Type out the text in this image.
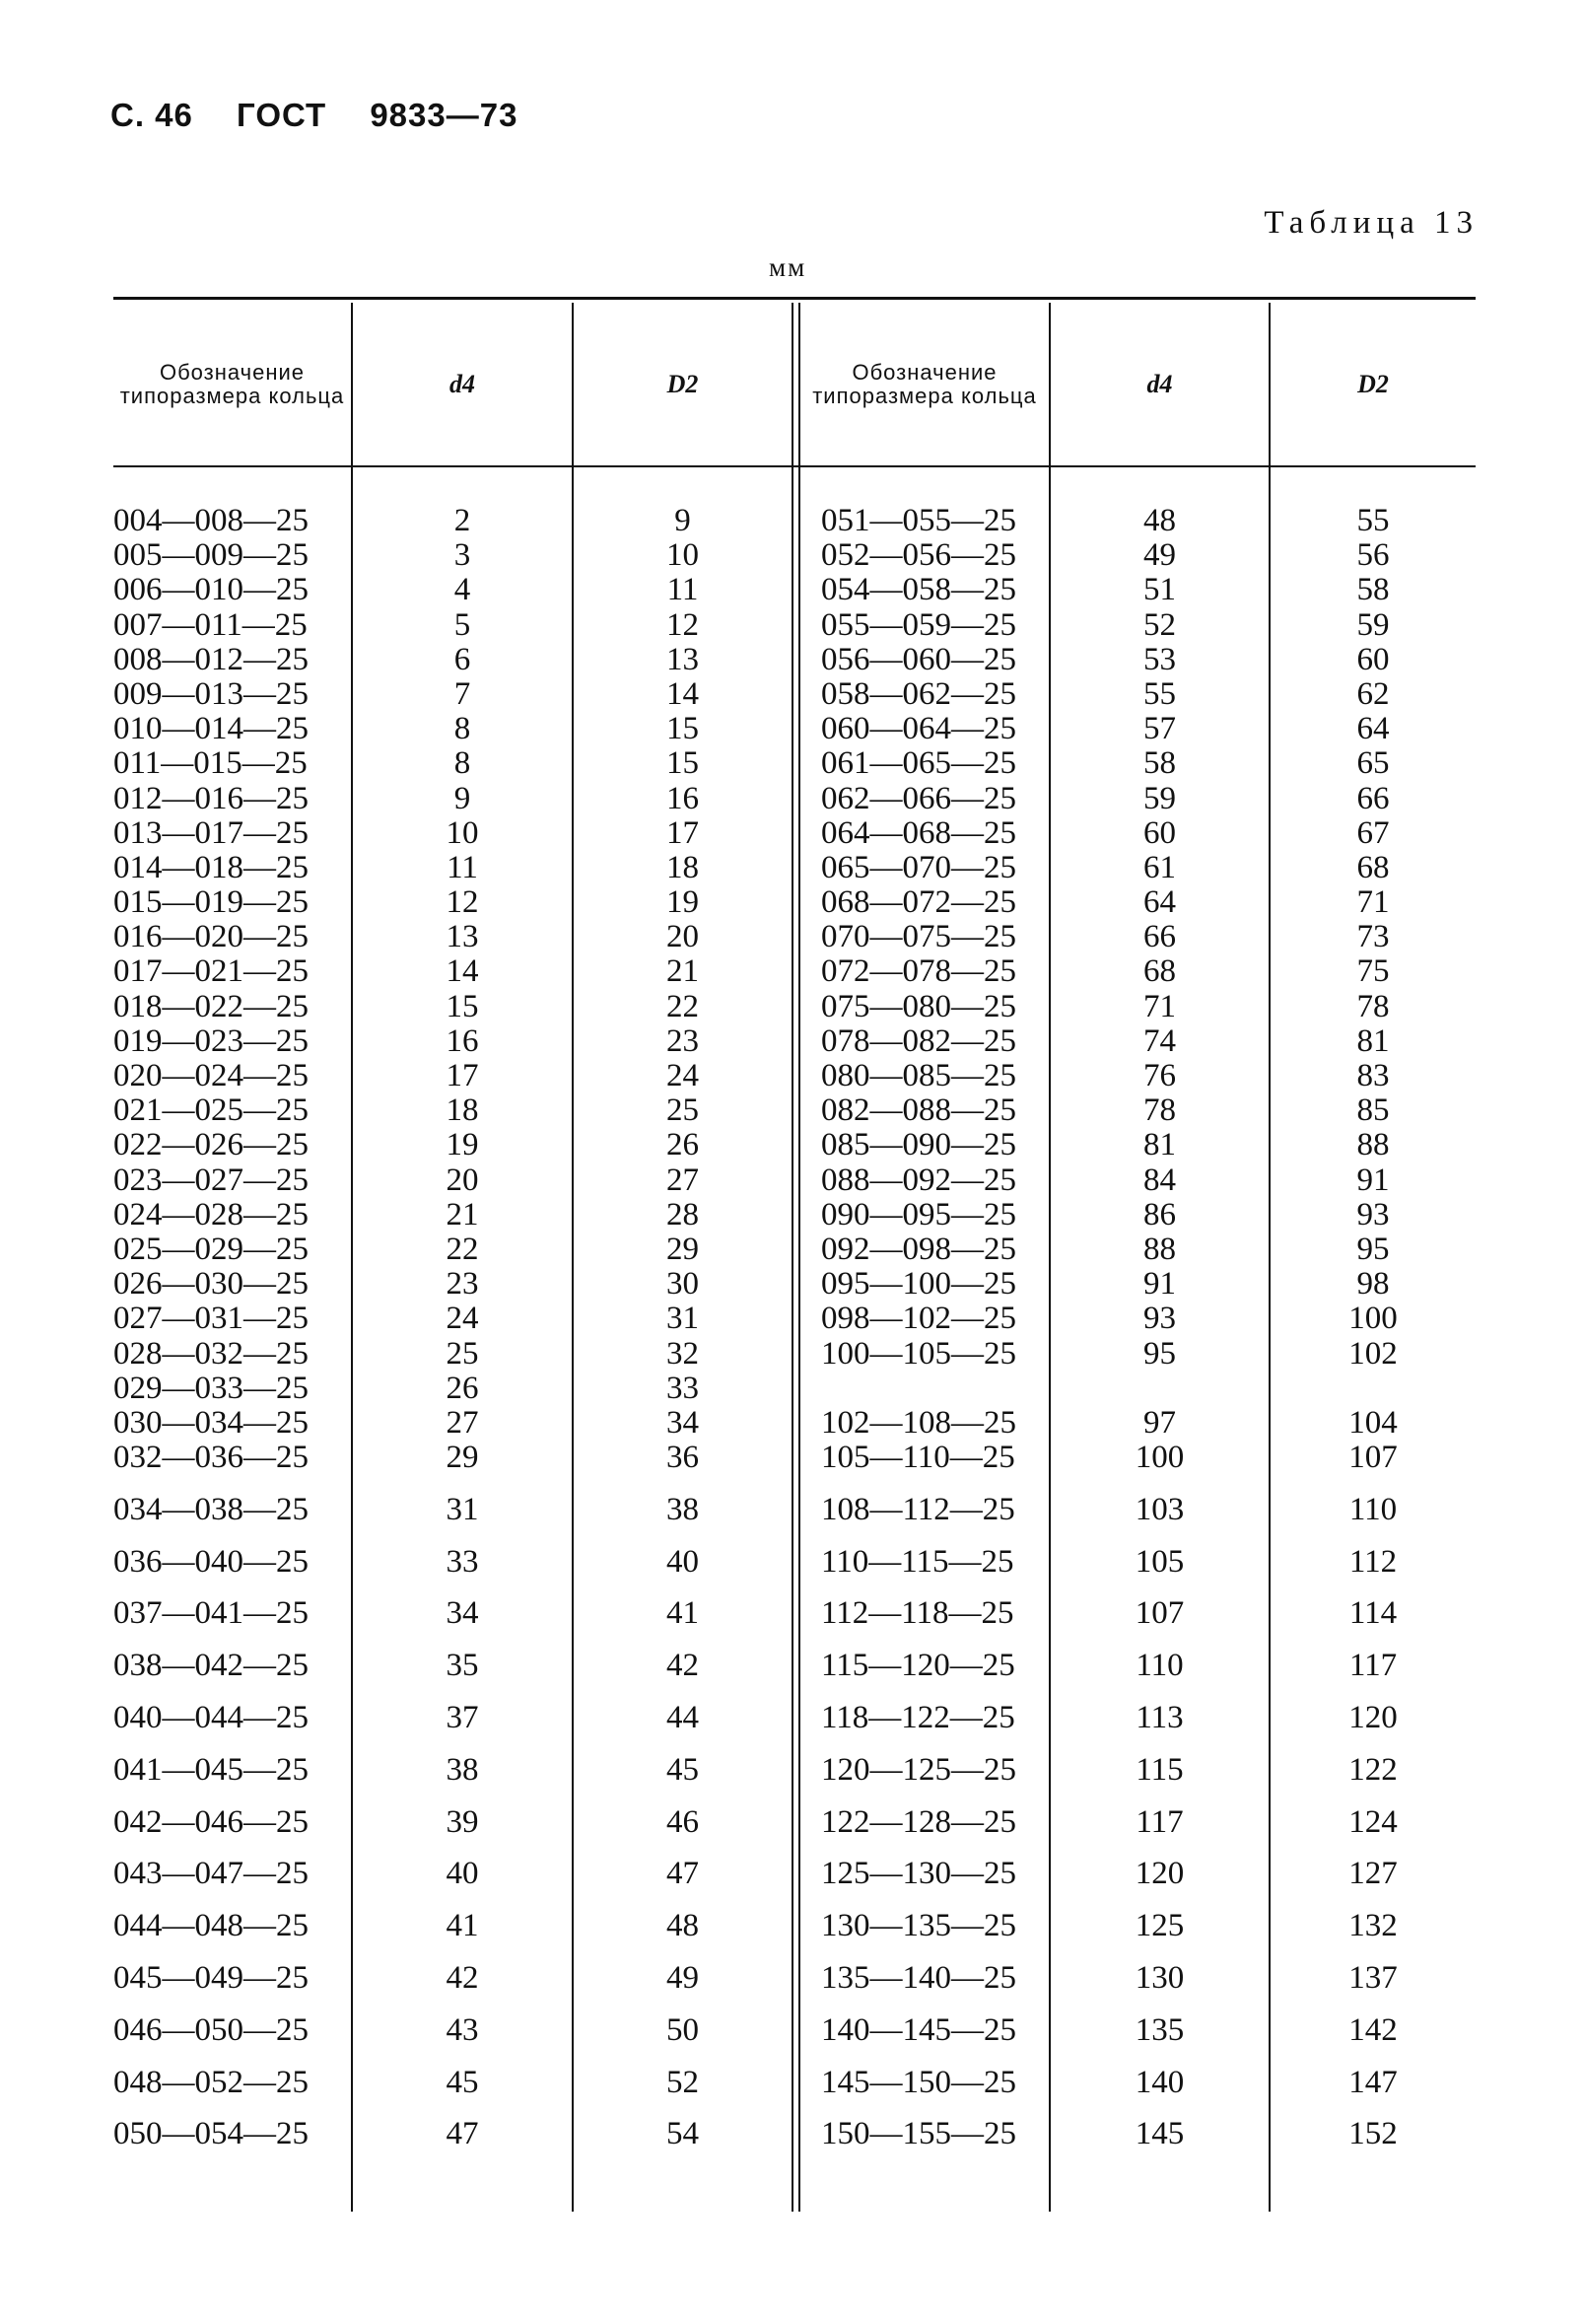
С. 46 ГОСТ 9833—73
Таблица 13
мм
Обозначение типоразмера кольца	d4	D2	Обозначение типоразмера кольца	d4	D2
004—008—25	2	9	051—055—25	48	55
005—009—25	3	10	052—056—25	49	56
006—010—25	4	11	054—058—25	51	58
007—011—25	5	12	055—059—25	52	59
008—012—25	6	13	056—060—25	53	60
009—013—25	7	14	058—062—25	55	62
010—014—25	8	15	060—064—25	57	64
011—015—25	8	15	061—065—25	58	65
012—016—25	9	16	062—066—25	59	66
013—017—25	10	17	064—068—25	60	67
014—018—25	11	18	065—070—25	61	68
015—019—25	12	19	068—072—25	64	71
016—020—25	13	20	070—075—25	66	73
017—021—25	14	21	072—078—25	68	75
018—022—25	15	22	075—080—25	71	78
019—023—25	16	23	078—082—25	74	81
020—024—25	17	24	080—085—25	76	83
021—025—25	18	25	082—088—25	78	85
022—026—25	19	26	085—090—25	81	88
023—027—25	20	27	088—092—25	84	91
024—028—25	21	28	090—095—25	86	93
025—029—25	22	29	092—098—25	88	95
026—030—25	23	30	095—100—25	91	98
027—031—25	24	31	098—102—25	93	100
028—032—25	25	32	100—105—25	95	102
029—033—25	26	33
030—034—25	27	34	102—108—25	97	104
032—036—25	29	36	105—110—25	100	107
034—038—25	31	38	108—112—25	103	110
036—040—25	33	40	110—115—25	105	112
037—041—25	34	41	112—118—25	107	114
038—042—25	35	42	115—120—25	110	117
040—044—25	37	44	118—122—25	113	120
041—045—25	38	45	120—125—25	115	122
042—046—25	39	46	122—128—25	117	124
043—047—25	40	47	125—130—25	120	127
044—048—25	41	48	130—135—25	125	132
045—049—25	42	49	135—140—25	130	137
046—050—25	43	50	140—145—25	135	142
048—052—25	45	52	145—150—25	140	147
050—054—25	47	54	150—155—25	145	152
